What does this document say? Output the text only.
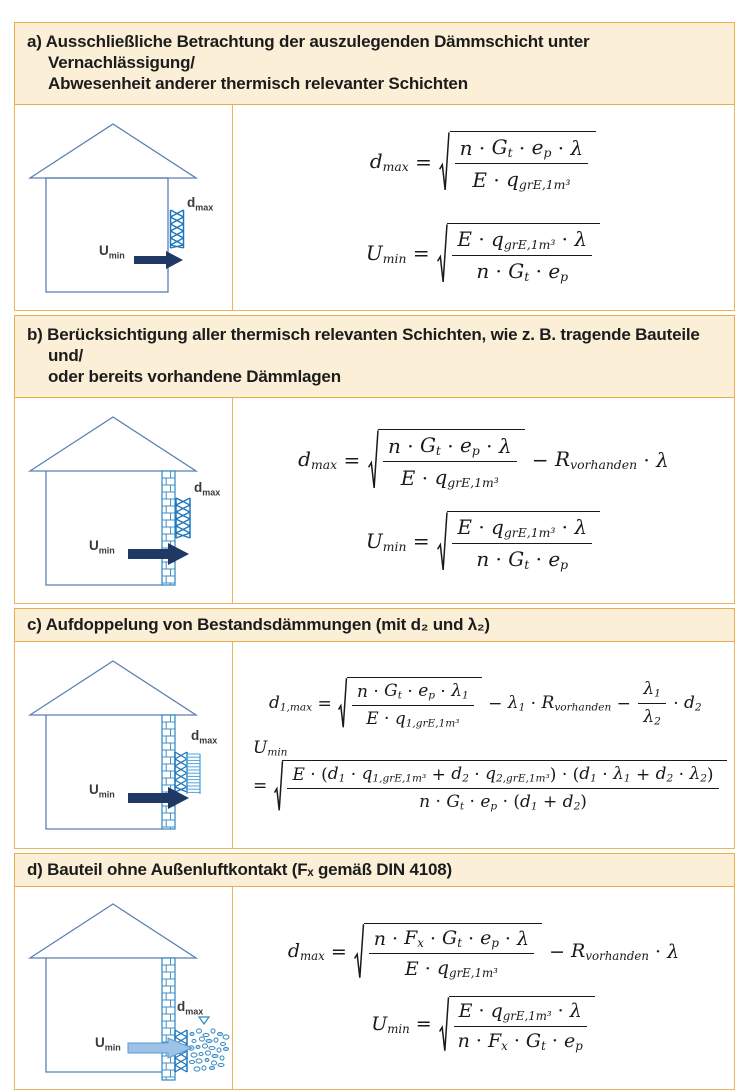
a) Ausschließliche Betrachtung der auszulegenden Dämmschicht unter Vernachlässigung/
Abwesenheit anderer thermisch relevanter Schichten
$d_{max}$
$U_{min}$
$dmax = \frac{n \cdot Gt \cdot ep \cdot \lambda}{\text{E · qgrE,1m³}}$
$Umin = \frac{\text{E · qgrE,1m³ · λ}}{n \cdot Gt \cdot ep}$
b) Berücksichtigung aller thermisch relevanten Schichten, wie z. B. tragende Bauteile und/
oder bereits vorhandene Dämmlagen
$d_{max}$
$U_{min}$
$dmax = \frac{n \cdot Gt \cdot ep \cdot \lambda}{\text{E · qgrE,1m³}}$ − Rvorhanden · λ
$Umin = \frac{\text{E · qgrE,1m³ · λ}}{n \cdot Gt \cdot ep}$
c) Aufdoppelung von Bestandsdämmungen (mit d₂ und λ₂)
$d_{max}$
$U_{min}$
$d1,\max = \frac{n \cdot Gt \cdot ep \cdot \lambda 1}{\text{E · q1,grE,1m³}} - \lambda 1$ · Rvorhanden − $\frac{\lambda 1}{\lambda 2} \cdot d2$
Umin
=
E · ( d1 · q1,grE,1m³ + d2 · q2,grE,1m³ ) · ( d1 · λ1 + d2 · λ2 )
n · Gt · ep · ( d1 + d2 )
d) Bauteil ohne Außenluftkontakt (Fₓ gemäß DIN 4108)
$d_{max}$
$U_{min}$
$dmax = \frac{n \cdot Fx \cdot Gt \cdot ep \cdot \lambda}{\text{E · qgrE,1m³}}$ − Rvorhanden · λ
$Umin = \frac{\text{E · qgrE,1m³ · λ}}{n \cdot Fx \cdot Gt \cdot ep}$
